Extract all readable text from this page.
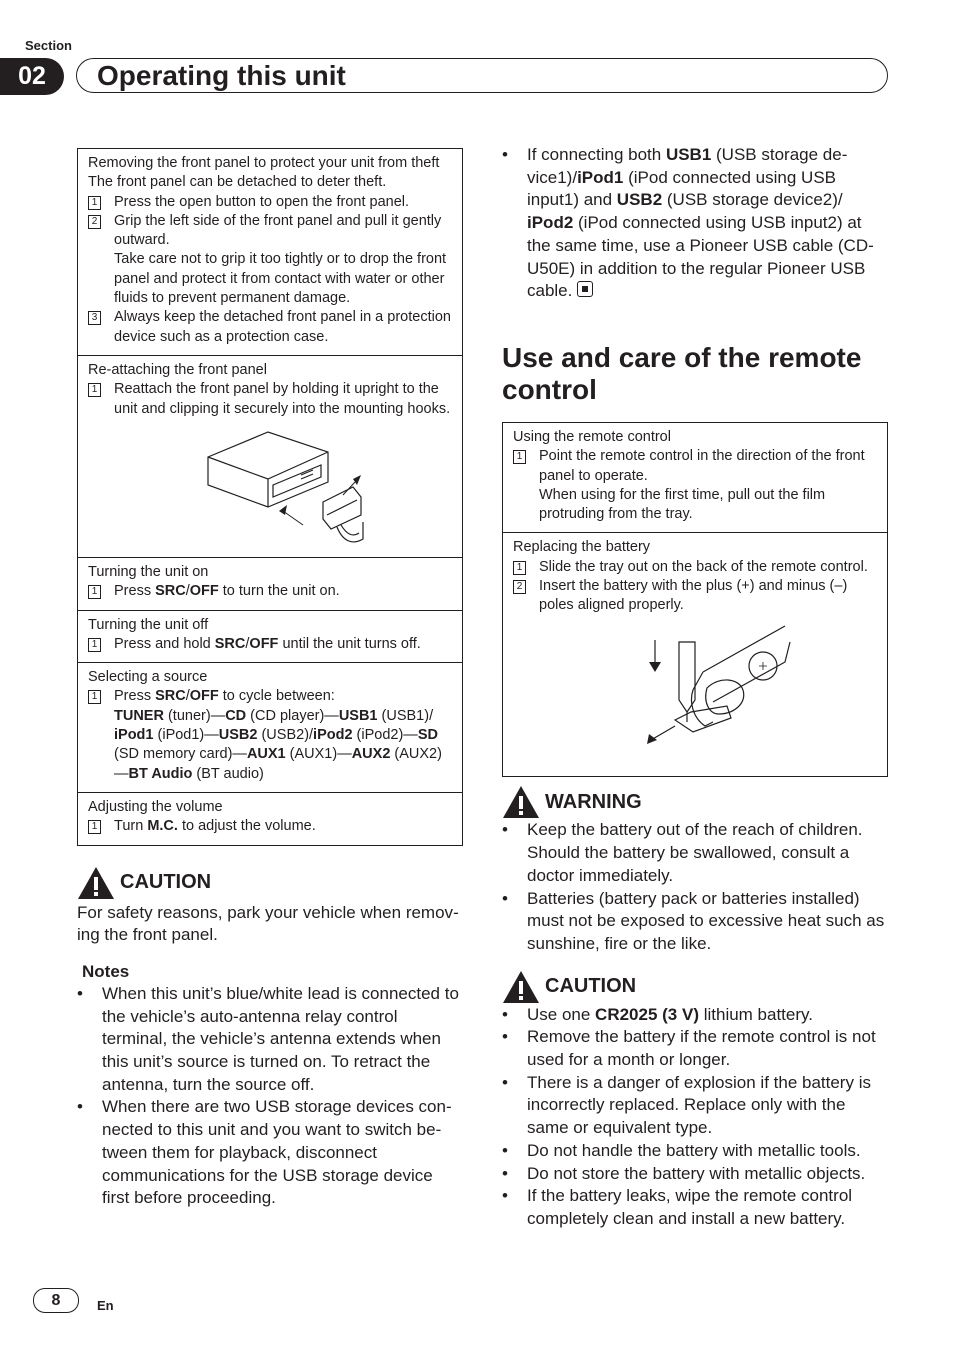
Section
02 Operating this unit
Removing the front panel to protect your unit from theft
The front panel can be detached to deter theft.
1 Press the open button to open the front panel.
2 Grip the left side of the front panel and pull it gently outward.
Take care not to grip it too tightly or to drop the front panel and protect it from contact with water or other fluids to prevent permanent damage.
3 Always keep the detached front panel in a protection device such as a protection case.
Re-attaching the front panel
1 Reattach the front panel by holding it upright to the unit and clipping it securely into the mounting hooks.
Turning the unit on
1 Press SRC/OFF to turn the unit on.
Turning the unit off
1 Press and hold SRC/OFF until the unit turns off.
Selecting a source
1 Press SRC/OFF to cycle between:
TUNER (tuner)—CD (CD player)—USB1 (USB1)/ iPod1 (iPod1)—USB2 (USB2)/iPod2 (iPod2)—SD (SD memory card)—AUX1 (AUX1)—AUX2 (AUX2)—BT Audio (BT audio)
Adjusting the volume
1 Turn M.C. to adjust the volume.
CAUTION
For safety reasons, park your vehicle when removing the front panel.
Notes
•	When this unit’s blue/white lead is connected to the vehicle’s auto-antenna relay control terminal, the vehicle’s antenna extends when this unit’s source is turned on. To retract the antenna, turn the source off.
•	When there are two USB storage devices connected to this unit and you want to switch between them for playback, disconnect communications for the USB storage device first before proceeding.
•	If connecting both USB1 (USB storage device1)/iPod1 (iPod connected using USB input1) and USB2 (USB storage device2)/ iPod2 (iPod connected using USB input2) at the same time, use a Pioneer USB cable (CD-U50E) in addition to the regular Pioneer USB cable.
Use and care of the remote control
Using the remote control
1 Point the remote control in the direction of the front panel to operate.
When using for the first time, pull out the film protruding from the tray.
Replacing the battery
1 Slide the tray out on the back of the remote control.
2 Insert the battery with the plus (+) and minus (–) poles aligned properly.
WARNING
•	Keep the battery out of the reach of children. Should the battery be swallowed, consult a doctor immediately.
•	Batteries (battery pack or batteries installed) must not be exposed to excessive heat such as sunshine, fire or the like.
CAUTION
•	Use one CR2025 (3 V) lithium battery.
•	Remove the battery if the remote control is not used for a month or longer.
•	There is a danger of explosion if the battery is incorrectly replaced. Replace only with the same or equivalent type.
•	Do not handle the battery with metallic tools.
•	Do not store the battery with metallic objects.
•	If the battery leaks, wipe the remote control completely clean and install a new battery.
8	En
